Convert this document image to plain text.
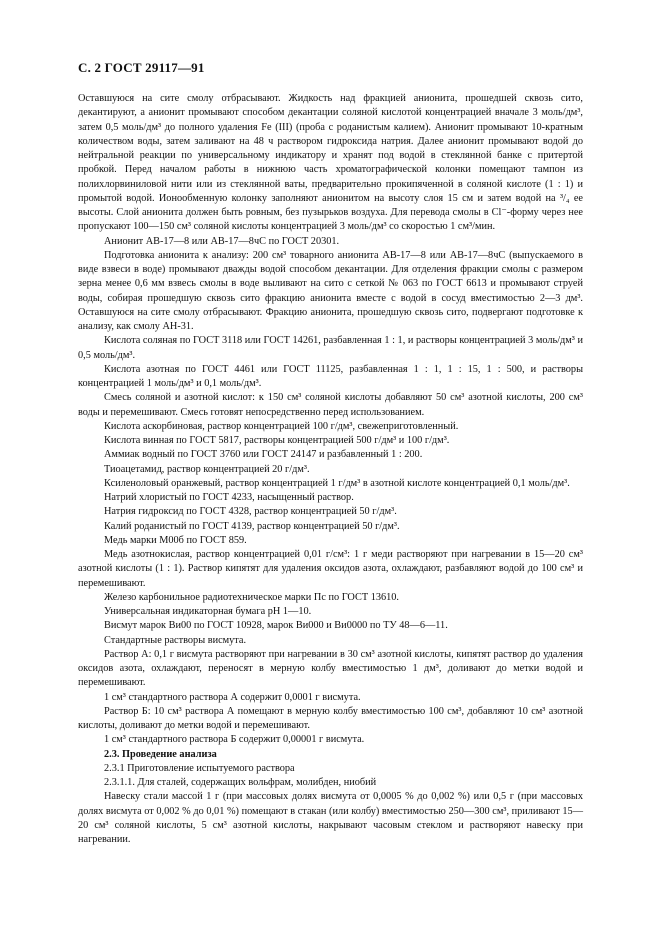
С. 2 ГОСТ 29117—91

Оставшуюся на сите смолу отбрасывают. Жидкость над фракцией анионита, прошедшей сквозь сито, декантируют, а анионит промывают способом декантации соляной кислотой концентрацией вначале 3 моль/дм³, затем 0,5 моль/дм³ до полного удаления Fe (III) (проба с роданистым калием). Анионит промывают 10-кратным количеством воды, затем заливают на 48 ч раствором гидроксида натрия. Далее анионит промывают водой до нейтральной реакции по универсальному индикатору и хранят под водой в стеклянной банке с притертой пробкой. Перед началом работы в нижнюю часть хроматографической колонки помещают тампон из полихлорвиниловой нити или из стеклянной ваты, предварительно прокипяченной в соляной кислоте (1 : 1) и промытой водой. Ионообменную колонку заполняют анионитом на высоту слоя 15 см и затем водой на ³/₄ ее высоты. Слой анионита должен быть ровным, без пузырьков воздуха. Для перевода смолы в Cl⁻-форму через нее пропускают 100—150 см³ соляной кислоты концентрацией 3 моль/дм³ со скоростью 1 см³/мин.

Анионит АВ-17—8 или АВ-17—8чС по ГОСТ 20301.

Подготовка анионита к анализу: 200 см³ товарного анионита АВ-17—8 или АВ-17—8чС (выпускаемого в виде взвеси в воде) промывают дважды водой способом декантации. Для отделения фракции смолы с размером зерна менее 0,6 мм взвесь смолы в воде выливают на сито с сеткой № 063 по ГОСТ 6613 и промывают струей воды, собирая прошедшую сквозь сито фракцию анионита вместе с водой в сосуд вместимостью 2—3 дм³. Оставшуюся на сите смолу отбрасывают. Фракцию анионита, прошедшую сквозь сито, подвергают подготовке к анализу, как смолу АН-31.

Кислота соляная по ГОСТ 3118 или ГОСТ 14261, разбавленная 1 : 1, и растворы концентрацией 3 моль/дм³ и 0,5 моль/дм³.

Кислота азотная по ГОСТ 4461 или ГОСТ 11125, разбавленная 1 : 1, 1 : 15, 1 : 500, и растворы концентрацией 1 моль/дм³ и 0,1 моль/дм³.

Смесь соляной и азотной кислот: к 150 см³ соляной кислоты добавляют 50 см³ азотной кислоты, 200 см³ воды и перемешивают. Смесь готовят непосредственно перед использованием.

Кислота аскорбиновая, раствор концентрацией 100 г/дм³, свежеприготовленный.

Кислота винная по ГОСТ 5817, растворы концентрацией 500 г/дм³ и 100 г/дм³.

Аммиак водный по ГОСТ 3760 или ГОСТ 24147 и разбавленный 1 : 200.

Тиоацетамид, раствор концентрацией 20 г/дм³.

Ксиленоловый оранжевый, раствор концентрацией 1 г/дм³ в азотной кислоте концентрацией 0,1 моль/дм³.

Натрий хлористый по ГОСТ 4233, насыщенный раствор.

Натрия гидроксид по ГОСТ 4328, раствор концентрацией 50 г/дм³.

Калий роданистый по ГОСТ 4139, раствор концентрацией 50 г/дм³.

Медь марки М00б по ГОСТ 859.

Медь азотнокислая, раствор концентрацией 0,01 г/см³: 1 г меди растворяют при нагревании в 15—20 см³ азотной кислоты (1 : 1). Раствор кипятят для удаления оксидов азота, охлаждают, разбавляют водой до 100 см³ и перемешивают.

Железо карбонильное радиотехническое марки Пс по ГОСТ 13610.

Универсальная индикаторная бумага pH 1—10.

Висмут марок Ви00 по ГОСТ 10928, марок Ви000 и Ви0000 по ТУ 48—6—11.

Стандартные растворы висмута.

Раствор А: 0,1 г висмута растворяют при нагревании в 30 см³ азотной кислоты, кипятят раствор до удаления оксидов азота, охлаждают, переносят в мерную колбу вместимостью 1 дм³, доливают до метки водой и перемешивают.

1 см³ стандартного раствора А содержит 0,0001 г висмута.

Раствор Б: 10 см³ раствора А помещают в мерную колбу вместимостью 100 см³, добавляют 10 см³ азотной кислоты, доливают до метки водой и перемешивают.

1 см³ стандартного раствора Б содержит 0,00001 г висмута.

2.3. Проведение анализа

2.3.1 Приготовление испытуемого раствора

2.3.1.1. Для сталей, содержащих вольфрам, молибден, ниобий

Навеску стали массой 1 г (при массовых долях висмута от 0,0005 % до 0,002 %) или 0,5 г (при массовых долях висмута от 0,002 % до 0,01 %) помещают в стакан (или колбу) вместимостью 250—300 см³, приливают 15—20 см³ соляной кислоты, 5 см³ азотной кислоты, накрывают часовым стеклом и растворяют навеску при нагревании.
